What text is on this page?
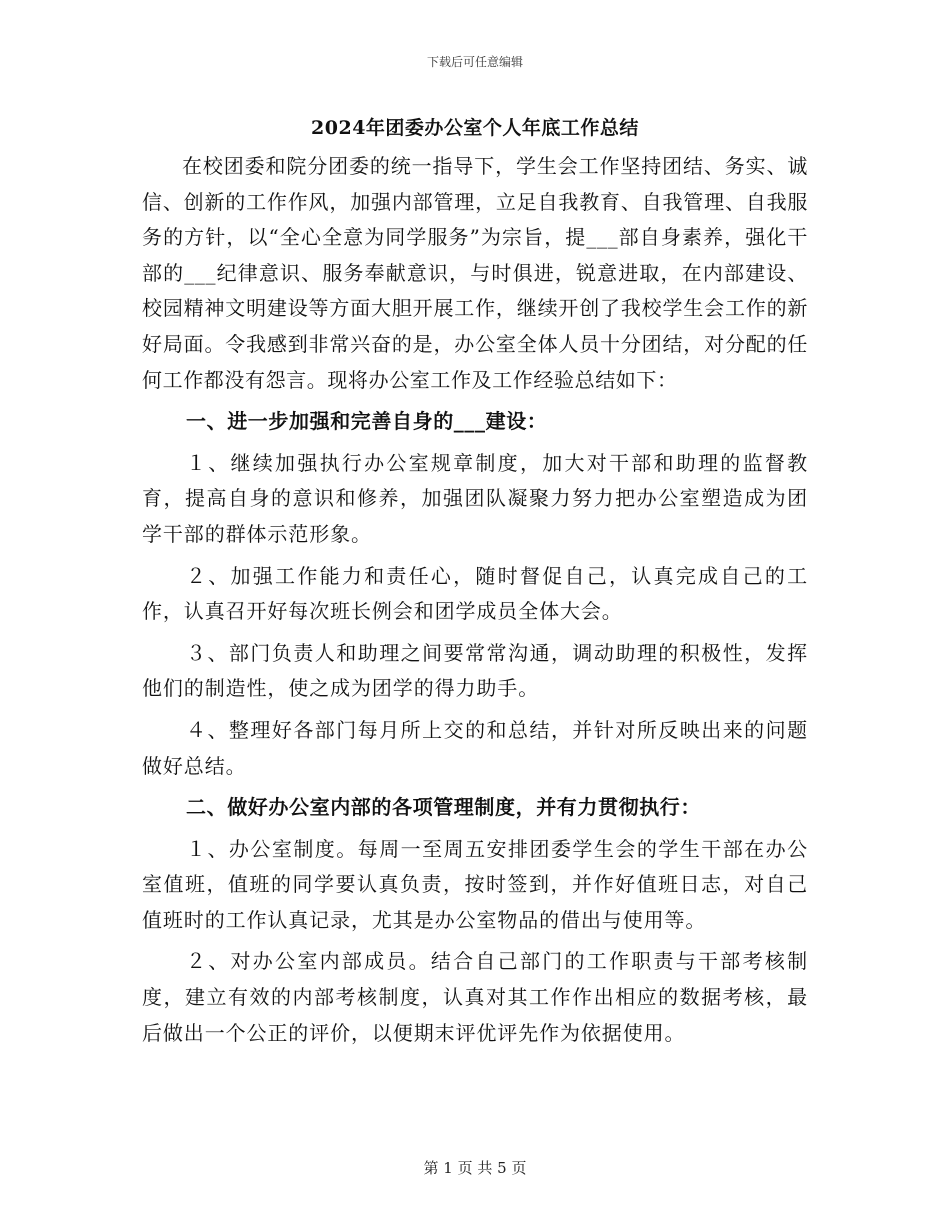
下载后可任意编辑
2024年团委办公室个人年底工作总结

在校团委和院分团委的统一指导下，学生会工作坚持团结、务实、诚信、创新的工作作风，加强内部管理，立足自我教育、自我管理、自我服务的方针，以“全心全意为同学服务”为宗旨，提___部自身素养，强化干部的___纪律意识、服务奉献意识，与时俱进，锐意进取，在内部建设、校园精神文明建设等方面大胆开展工作，继续开创了我校学生会工作的新好局面。令我感到非常兴奋的是，办公室全体人员十分团结，对分配的任何工作都没有怨言。现将办公室工作及工作经验总结如下：

一、进一步加强和完善自身的___建设：

１、继续加强执行办公室规章制度，加大对干部和助理的监督教育，提高自身的意识和修养，加强团队凝聚力努力把办公室塑造成为团学干部的群体示范形象。

２、加强工作能力和责任心，随时督促自己，认真完成自己的工作，认真召开好每次班长例会和团学成员全体大会。

３、部门负责人和助理之间要常常沟通，调动助理的积极性，发挥他们的制造性，使之成为团学的得力助手。

４、整理好各部门每月所上交的和总结，并针对所反映出来的问题做好总结。

二、做好办公室内部的各项管理制度，并有力贯彻执行：

１、办公室制度。每周一至周五安排团委学生会的学生干部在办公室值班，值班的同学要认真负责，按时签到，并作好值班日志，对自己值班时的工作认真记录，尤其是办公室物品的借出与使用等。

２、对办公室内部成员。结合自己部门的工作职责与干部考核制度，建立有效的内部考核制度，认真对其工作作出相应的数据考核，最后做出一个公正的评价，以便期末评优评先作为依据使用。

第 1 页 共 5 页
